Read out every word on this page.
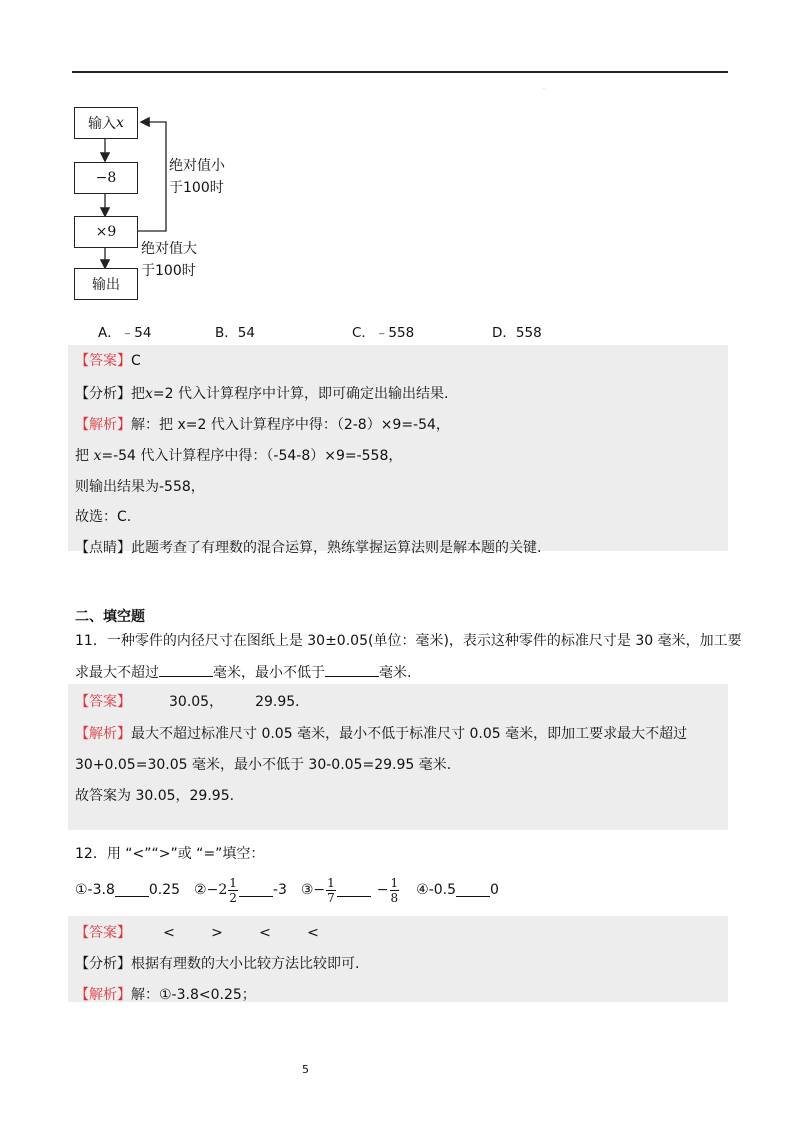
.
输入 x
−8
×9
输出
绝对值小
于100时
绝对值大
于100时
A．﹣54	B．54	C．﹣558	D．558
【答案】C
【分析】把x=2 代入计算程序中计算，即可确定出输出结果.
【解析】解：把 x=2 代入计算程序中得：（2-8）×9=-54，
把 x=-54 代入计算程序中得：（-54-8）×9=-558，
则输出结果为-558，
故选：C.
【点睛】此题考查了有理数的混合运算，熟练掌握运算法则是解本题的关键.
二、填空题
11．一种零件的内径尺寸在图纸上是 30±0.05(单位：毫米)，表示这种零件的标准尺寸是 30 毫米，加工要
求最大不超过	毫米，最小不低于	毫米.
【答案】	30.05， 29.95．
【解析】最大不超过标准尺寸 0.05 毫米，最小不低于标准尺寸 0.05 毫米，即加工要求最大不超过
30+0.05=30.05 毫米，最小不低于 30-0.05=29.95 毫米.
故答案为 30.05，29.95.
12．用 “<”“>”或 “=”填空：
①-3.8 0.25 ②−2 $\frac{1}{2}$	-3 ③− $\frac{1}{7}$	− $\frac{1}{8}$ ④-0.5 0
【答案】 <	>	<	<
【分析】根据有理数的大小比较方法比较即可.
【解析】解：①-3.8<0.25；
5
